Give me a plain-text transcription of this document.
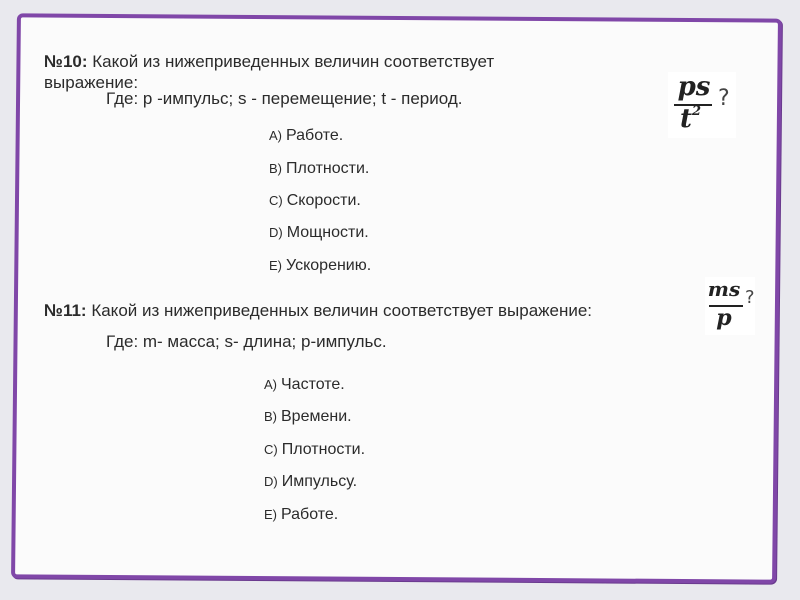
№10: Какой из нижеприведенных величин соответствует
выражение:
Где: p -импульс; s - перемещение; t - период.	ps
$t^2$
?
A) Работе.
B) Плотности.
C) Скорости.
D) Мощности.
E) Ускорению.
№11: Какой из нижеприведенных величин соответствует выражение:
Где: m- масса; s- длина; p-импульс.
ms
p
?
A) Частоте.
B) Времени.
C) Плотности.
D) Импульсу.
E) Работе.
